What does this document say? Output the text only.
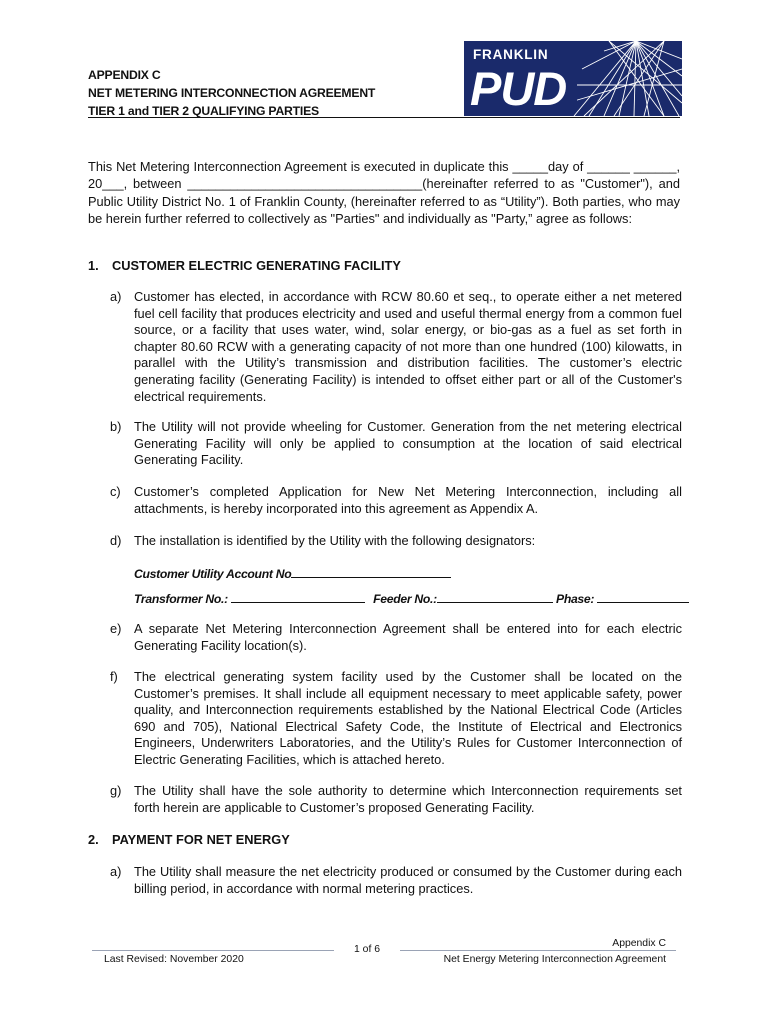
APPENDIX C
NET METERING INTERCONNECTION AGREEMENT
TIER 1 and TIER 2 QUALIFYING PARTIES
FRANKLIN
PUD

This Net Metering Interconnection Agreement is executed in duplicate this _____day of ______ ______, 20___, between _________________________________(hereinafter referred to as "Customer"), and Public Utility District No. 1 of Franklin County, (hereinafter referred to as “Utility”). Both parties, who may be herein further referred to collectively as "Parties" and individually as "Party,” agree as follows:

1. CUSTOMER ELECTRIC GENERATING FACILITY

a) Customer has elected, in accordance with RCW 80.60 et seq., to operate either a net metered fuel cell facility that produces electricity and used and useful thermal energy from a common fuel source, or a facility that uses water, wind, solar energy, or bio-gas as a fuel as set forth in chapter 80.60 RCW with a generating capacity of not more than one hundred (100) kilowatts, in parallel with the Utility’s transmission and distribution facilities. The customer’s electric generating facility (Generating Facility) is intended to offset either part or all of the Customer's electrical requirements.
b) The Utility will not provide wheeling for Customer. Generation from the net metering electrical Generating Facility will only be applied to consumption at the location of said electrical Generating Facility.
c) Customer’s completed Application for New Net Metering Interconnection, including all attachments, is hereby incorporated into this agreement as Appendix A.
d) The installation is identified by the Utility with the following designators:
Customer Utility Account No
Transformer No.:	Feeder No.:	Phase:
e) A separate Net Metering Interconnection Agreement shall be entered into for each electric Generating Facility location(s).
f) The electrical generating system facility used by the Customer shall be located on the Customer’s premises. It shall include all equipment necessary to meet applicable safety, power quality, and Interconnection requirements established by the National Electrical Code (Articles 690 and 705), National Electrical Safety Code, the Institute of Electrical and Electronics Engineers, Underwriters Laboratories, and the Utility’s Rules for Customer Interconnection of Electric Generating Facilities, which is attached hereto.
g) The Utility shall have the sole authority to determine which Interconnection requirements set forth herein are applicable to Customer’s proposed Generating Facility.

2. PAYMENT FOR NET ENERGY

a) The Utility shall measure the net electricity produced or consumed by the Customer during each billing period, in accordance with normal metering practices.
Last Revised: November 2020
1 of 6
Appendix C
Net Energy Metering Interconnection Agreement
